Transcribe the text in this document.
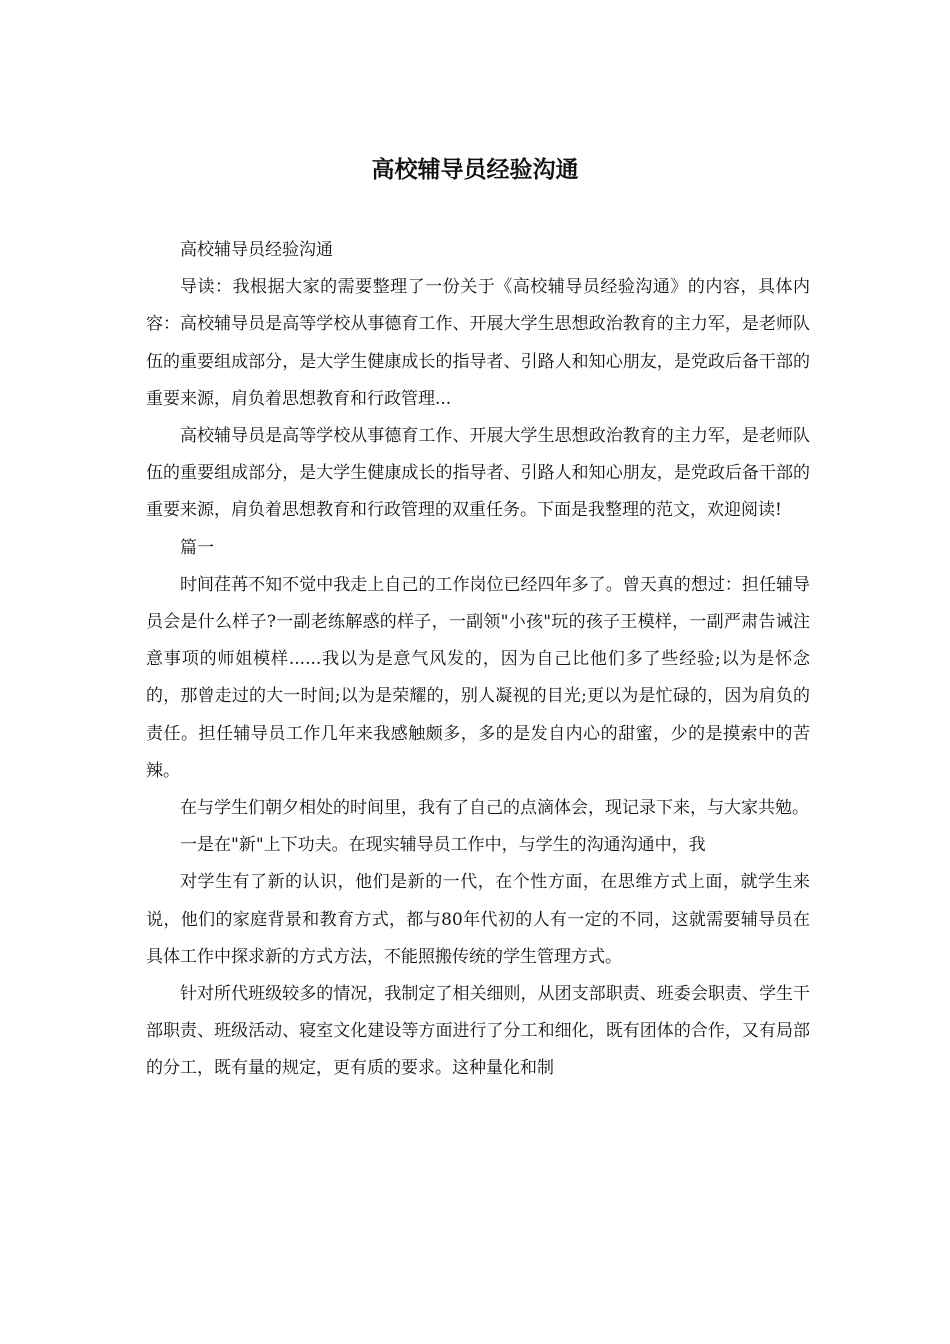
高校辅导员经验沟通

高校辅导员经验沟通

导读：我根据大家的需要整理了一份关于《高校辅导员经验沟通》的内容，具体内容：高校辅导员是高等学校从事德育工作、开展大学生思想政治教育的主力军，是老师队伍的重要组成部分，是大学生健康成长的指导者、引路人和知心朋友，是党政后备干部的重要来源，肩负着思想教育和行政管理...

高校辅导员是高等学校从事德育工作、开展大学生思想政治教育的主力军，是老师队伍的重要组成部分，是大学生健康成长的指导者、引路人和知心朋友，是党政后备干部的重要来源，肩负着思想教育和行政管理的双重任务。下面是我整理的范文，欢迎阅读!

篇一

时间荏苒不知不觉中我走上自己的工作岗位已经四年多了。曾天真的想过：担任辅导员会是什么样子?一副老练解惑的样子，一副领"小孩"玩的孩子王模样，一副严肃告诫注意事项的师姐模样......我以为是意气风发的，因为自己比他们多了些经验;以为是怀念的，那曾走过的大一时间;以为是荣耀的，别人凝视的目光;更以为是忙碌的，因为肩负的责任。担任辅导员工作几年来我感触颇多，多的是发自内心的甜蜜，少的是摸索中的苦辣。

在与学生们朝夕相处的时间里，我有了自己的点滴体会，现记录下来，与大家共勉。

一是在"新"上下功夫。在现实辅导员工作中，与学生的沟通沟通中，我

对学生有了新的认识，他们是新的一代，在个性方面，在思维方式上面，就学生来说，他们的家庭背景和教育方式，都与80年代初的人有一定的不同，这就需要辅导员在具体工作中探求新的方式方法，不能照搬传统的学生管理方式。

针对所代班级较多的情况，我制定了相关细则，从团支部职责、班委会职责、学生干部职责、班级活动、寝室文化建设等方面进行了分工和细化，既有团体的合作，又有局部的分工，既有量的规定，更有质的要求。这种量化和制
